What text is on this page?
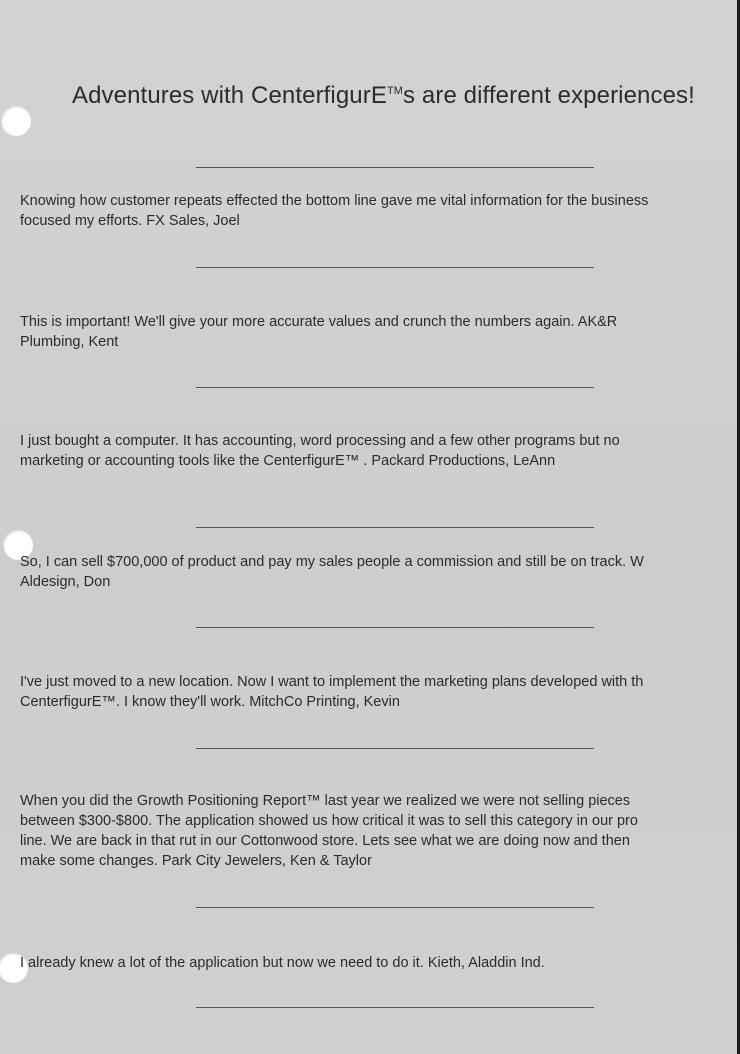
Adventures with CenterfigurE™s are different experiences!
Knowing how customer repeats effected the bottom line gave me vital information for the business
focused my efforts. FX Sales, Joel
This is important! We'll give your more accurate values and crunch the numbers again. AK&R
Plumbing, Kent
I just bought a computer. It has accounting, word processing and a few other programs but no
marketing or accounting tools like the CenterfigurE™ . Packard Productions, LeAnn
So, I can sell $700,000 of product and pay my sales people a commission and still be on track. W
Aldesign, Don
I've just moved to a new location. Now I want to implement the marketing plans developed with th
CenterfigurE™. I know they'll work. MitchCo Printing, Kevin
When you did the Growth Positioning Report™ last year we realized we were not selling pieces
between $300-$800. The application showed us how critical it was to sell this category in our pro
line. We are back in that rut in our Cottonwood store. Lets see what we are doing now and then
make some changes. Park City Jewelers, Ken & Taylor
I already knew a lot of the application but now we need to do it. Kieth, Aladdin Ind.
